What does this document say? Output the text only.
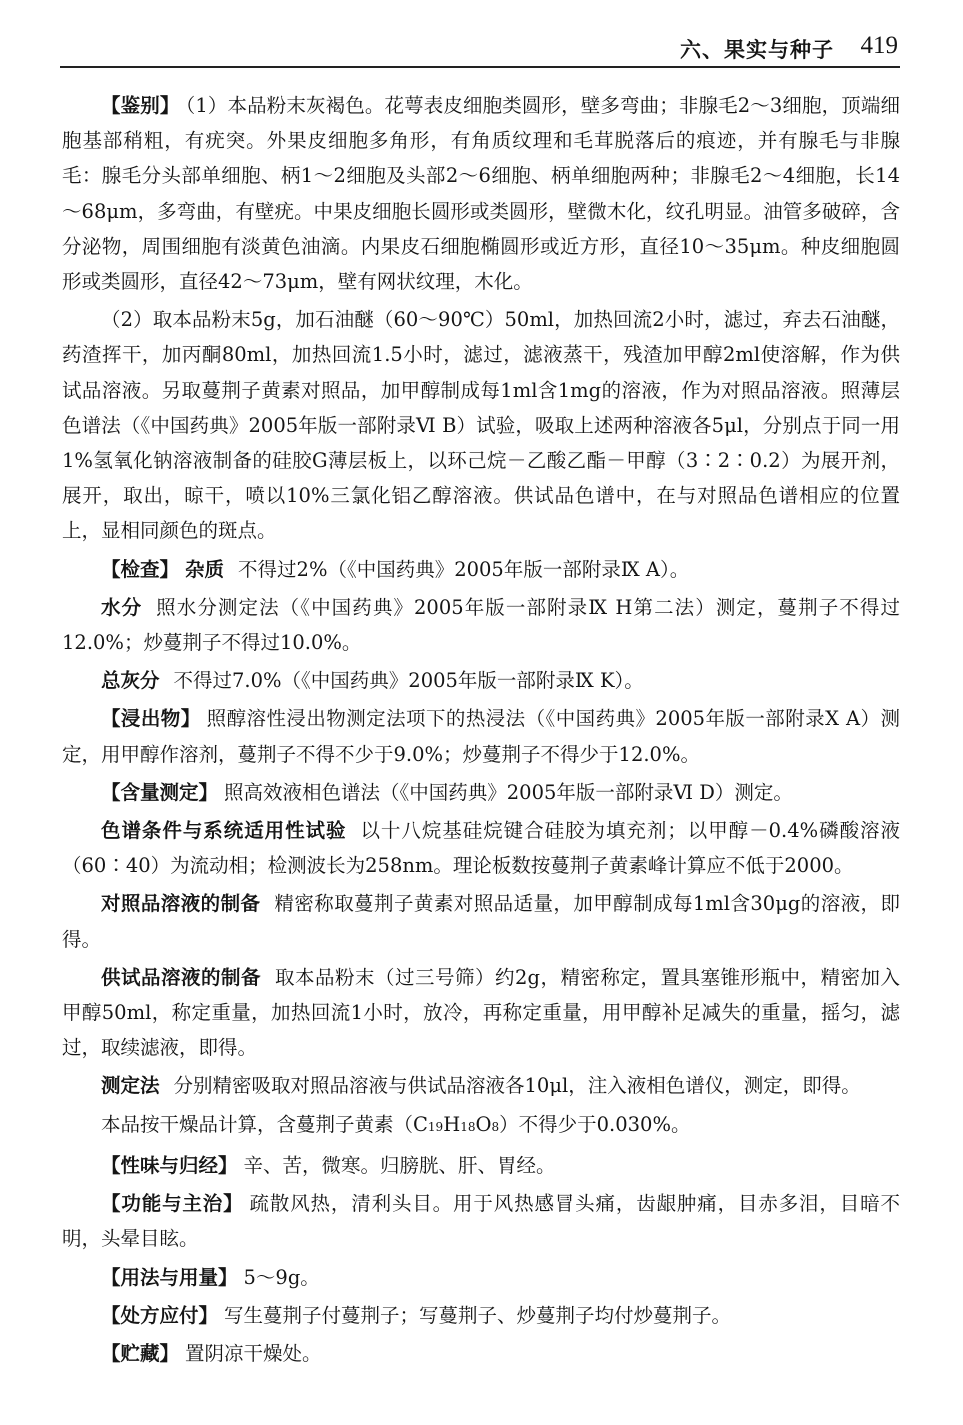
六、果实与种子 419

【鉴别】 （1）本品粉末灰褐色。花萼表皮细胞类圆形，壁多弯曲；非腺毛2～3细胞，顶端细胞基部稍粗，有疣突。外果皮细胞多角形，有角质纹理和毛茸脱落后的痕迹，并有腺毛与非腺毛：腺毛分头部单细胞、柄1～2细胞及头部2～6细胞、柄单细胞两种；非腺毛2～4细胞，长14～68μm，多弯曲，有壁疣。中果皮细胞长圆形或类圆形，壁微木化，纹孔明显。油管多破碎，含分泌物，周围细胞有淡黄色油滴。内果皮石细胞椭圆形或近方形，直径10～35μm。种皮细胞圆形或类圆形，直径42～73μm，壁有网状纹理，木化。

（2）取本品粉末5g，加石油醚（60～90℃）50ml，加热回流2小时，滤过，弃去石油醚，药渣挥干，加丙酮80ml，加热回流1.5小时，滤过，滤液蒸干，残渣加甲醇2ml使溶解，作为供试品溶液。另取蔓荆子黄素对照品，加甲醇制成每1ml含1mg的溶液，作为对照品溶液。照薄层色谱法（《中国药典》2005年版一部附录Ⅵ B）试验，吸取上述两种溶液各5μl，分别点于同一用1%氢氧化钠溶液制备的硅胶G薄层板上，以环己烷－乙酸乙酯－甲醇（3∶2∶0.2）为展开剂，展开，取出，晾干，喷以10%三氯化铝乙醇溶液。供试品色谱中，在与对照品色谱相应的位置上，显相同颜色的斑点。

【检查】 杂质 不得过2%（《中国药典》2005年版一部附录Ⅸ A）。

水分 照水分测定法（《中国药典》2005年版一部附录Ⅸ H第二法）测定，蔓荆子不得过12.0%；炒蔓荆子不得过10.0%。

总灰分 不得过7.0%（《中国药典》2005年版一部附录Ⅸ K）。

【浸出物】 照醇溶性浸出物测定法项下的热浸法（《中国药典》2005年版一部附录Ⅹ A）测定，用甲醇作溶剂，蔓荆子不得不少于9.0%；炒蔓荆子不得少于12.0%。

【含量测定】 照高效液相色谱法（《中国药典》2005年版一部附录Ⅵ D）测定。

色谱条件与系统适用性试验 以十八烷基硅烷键合硅胶为填充剂；以甲醇－0.4%磷酸溶液（60∶40）为流动相；检测波长为258nm。理论板数按蔓荆子黄素峰计算应不低于2000。

对照品溶液的制备 精密称取蔓荆子黄素对照品适量，加甲醇制成每1ml含30μg的溶液，即得。

供试品溶液的制备 取本品粉末（过三号筛）约2g，精密称定，置具塞锥形瓶中，精密加入甲醇50ml，称定重量，加热回流1小时，放冷，再称定重量，用甲醇补足减失的重量，摇匀，滤过，取续滤液，即得。

测定法 分别精密吸取对照品溶液与供试品溶液各10μl，注入液相色谱仪，测定，即得。

本品按干燥品计算，含蔓荆子黄素（C19H18O8）不得少于0.030%。

【性味与归经】 辛、苦，微寒。归膀胱、肝、胃经。

【功能与主治】 疏散风热，清利头目。用于风热感冒头痛，齿龈肿痛，目赤多泪，目暗不明，头晕目眩。

【用法与用量】 5～9g。

【处方应付】 写生蔓荆子付蔓荆子；写蔓荆子、炒蔓荆子均付炒蔓荆子。

【贮藏】 置阴凉干燥处。
